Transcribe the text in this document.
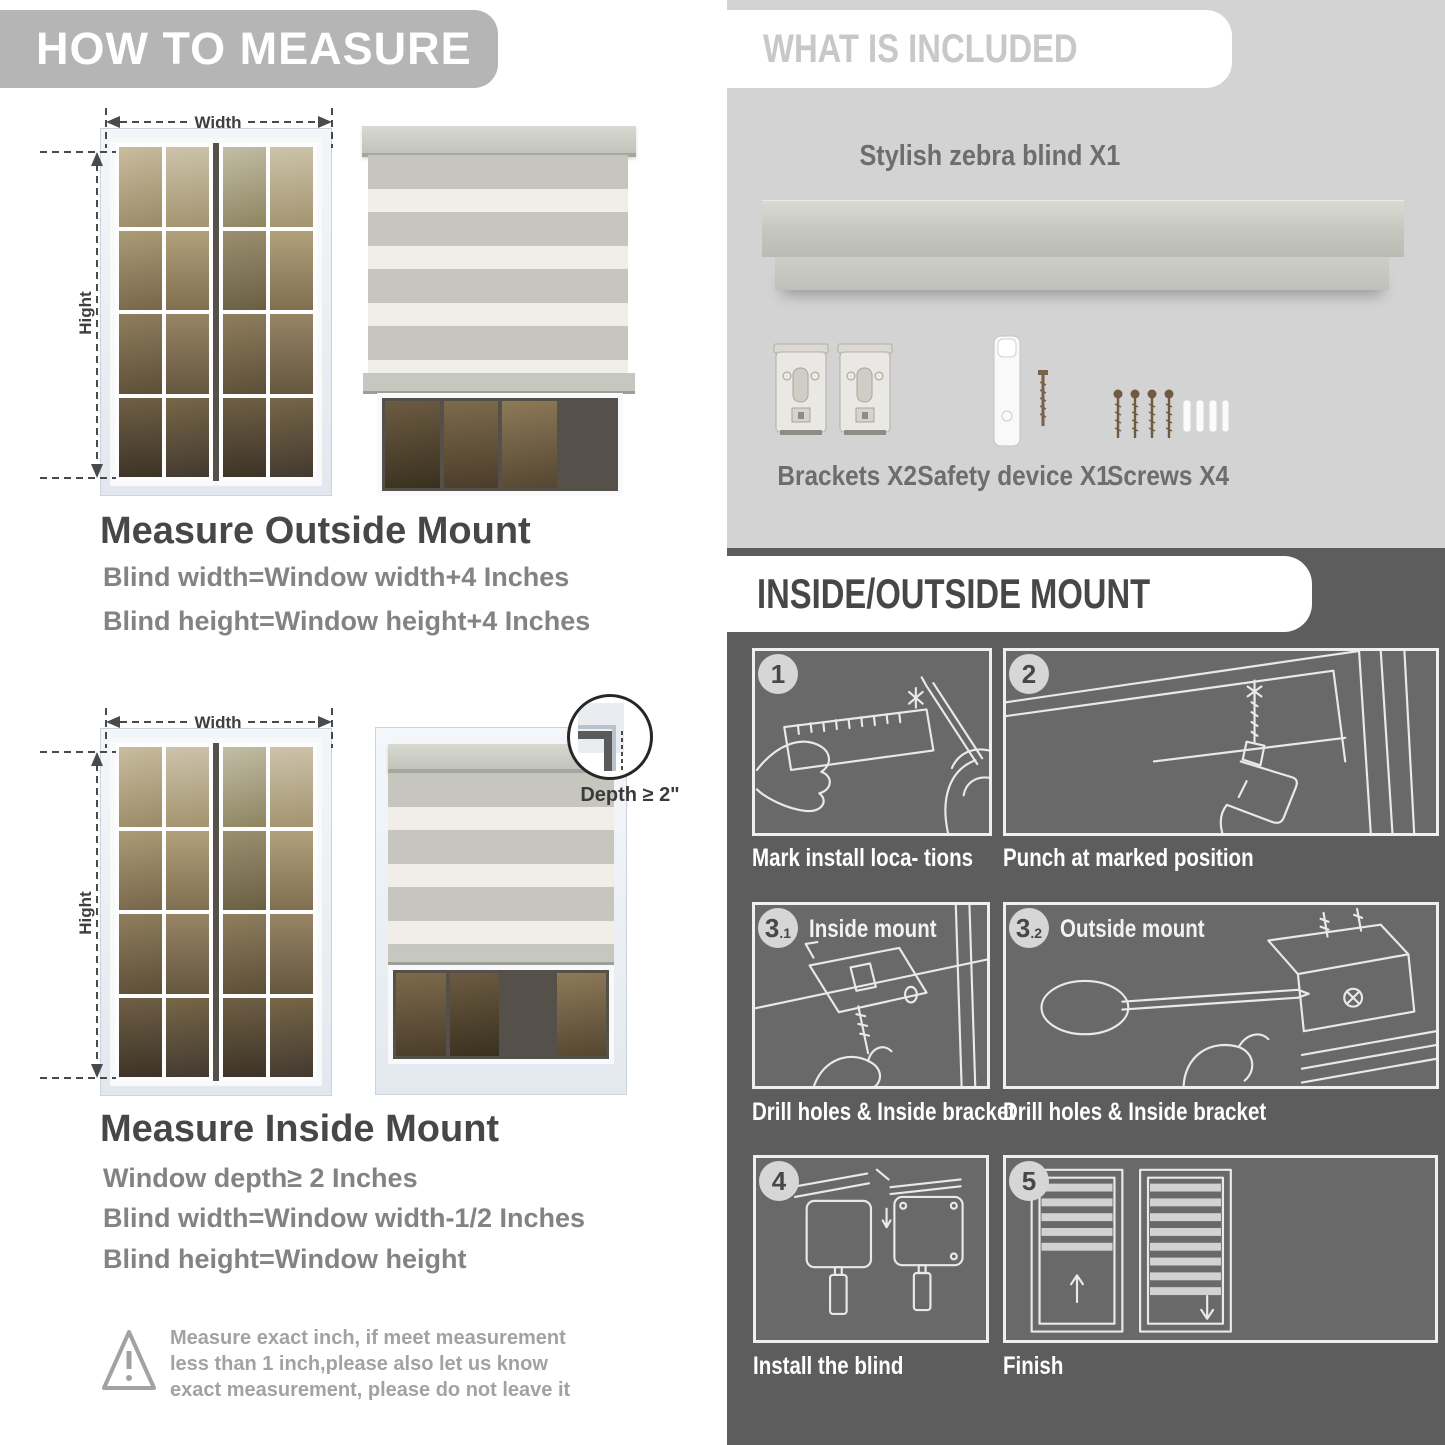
HOW TO MEASURE
Width
Hight
Measure Outside Mount
Blind width=Window width+4 Inches
Blind height=Window height+4 Inches
Width
Hight
Depth ≥ 2"
Measure Inside Mount
Window depth≥ 2 Inches
Blind width=Window width-1/2 Inches
Blind height=Window height
Measure exact inch, if meet measurement less than 1 inch,please also let us know exact measurement, please do not leave it
WHAT IS INCLUDED
Stylish zebra blind X1
Brackets X2 Safety device X1
Screws X4
INSIDE/OUTSIDE MOUNT
1	2
Mark install loca- tions	Punch at marked position
3 .1 Inside mount	3 .2 Outside mount
Drill holes & Inside bracket
Drill holes & Inside bracket
4	5
Install the blind	Finish
